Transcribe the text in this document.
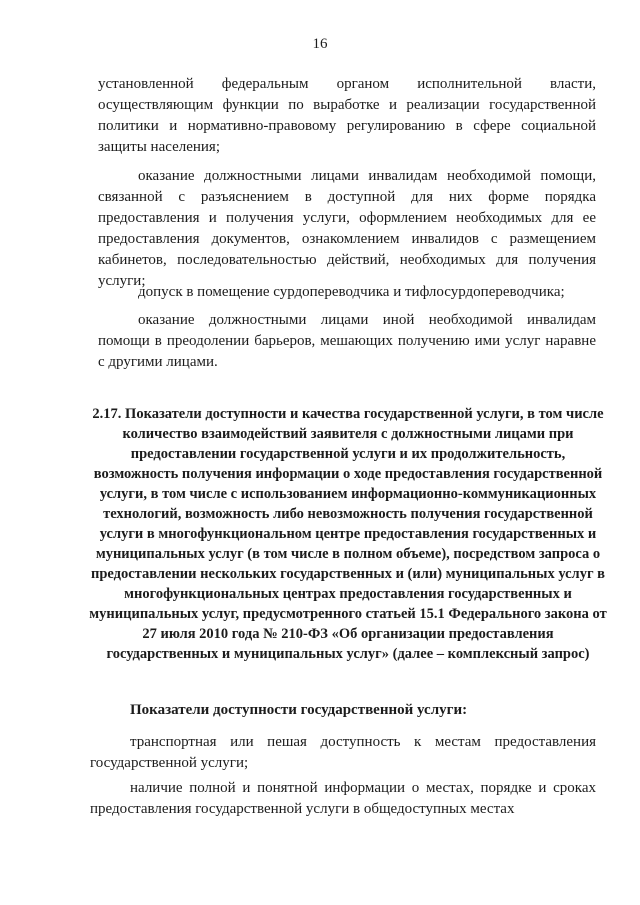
16

установленной федеральным органом исполнительной власти, осуществляющим функции по выработке и реализации государственной политики и нормативно-правовому регулированию в сфере социальной защиты населения;

оказание должностными лицами инвалидам необходимой помощи, связанной с разъяснением в доступной для них форме порядка предоставления и получения услуги, оформлением необходимых для ее предоставления документов, ознакомлением инвалидов с размещением кабинетов, последовательностью действий, необходимых для получения услуги;

допуск в помещение сурдопереводчика и тифлосурдопереводчика;

оказание должностными лицами иной необходимой инвалидам помощи в преодолении барьеров, мешающих получению ими услуг наравне с другими лицами.

2.17. Показатели доступности и качества государственной услуги, в том числе количество взаимодействий заявителя с должностными лицами при предоставлении государственной услуги и их продолжительность, возможность получения информации о ходе предоставления государственной услуги, в том числе с использованием информационно-коммуникационных технологий, возможность либо невозможность получения государственной услуги в многофункциональном центре предоставления государственных и муниципальных услуг (в том числе в полном объеме), посредством запроса о предоставлении нескольких государственных и (или) муниципальных услуг в многофункциональных центрах предоставления государственных и муниципальных услуг, предусмотренного статьей 15.1 Федерального закона от 27 июля 2010 года № 210-ФЗ «Об организации предоставления государственных и муниципальных услуг» (далее – комплексный запрос)

Показатели доступности государственной услуги:

транспортная или пешая доступность к местам предоставления государственной услуги;

наличие полной и понятной информации о местах, порядке и сроках предоставления государственной услуги в общедоступных местах
